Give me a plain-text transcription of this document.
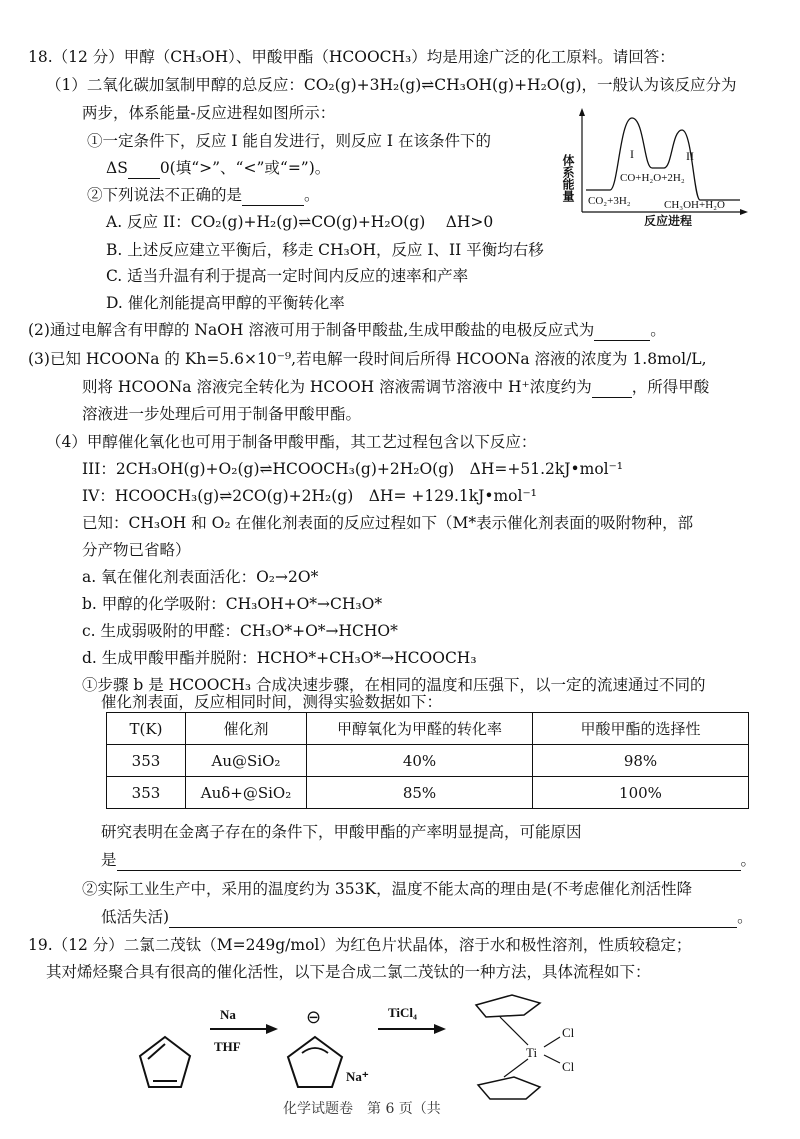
18.（12 分）甲醇（CH₃OH）、甲酸甲酯（HCOOCH₃）均是用途广泛的化工原料。请回答：
（1）二氧化碳加氢制甲醇的总反应：CO₂(g)+3H₂(g)⇌CH₃OH(g)+H₂O(g)，一般认为该反应分为
两步，体系能量-反应进程如图所示：
①一定条件下，反应 I 能自发进行，则反应 I 在该条件下的
ΔS 0(填“>”、“<”或“=”)。
②下列说法不正确的是	。
A. 反应 II：CO₂(g)+H₂(g)⇌CO(g)+H₂O(g)　 ΔH>0
B. 上述反应建立平衡后，移走 CH₃OH，反应 I、II 平衡均右移
C. 适当升温有利于提高一定时间内反应的速率和产率
D. 催化剂能提高甲醇的平衡转化率
体系能量	I	II
CO+H₂O+2H₂
CO₂+3H₂	CH₃OH+H₂O
反应进程
(2)通过电解含有甲醇的 NaOH 溶液可用于制备甲酸盐,生成甲酸盐的电极反应式为	。
(3)已知 HCOONa 的 Kh=5.6×10⁻⁹,若电解一段时间后所得 HCOONa 溶液的浓度为 1.8mol/L,
则将 HCOONa 溶液完全转化为 HCOOH 溶液需调节溶液中 H⁺浓度约为	，所得甲酸
溶液进一步处理后可用于制备甲酸甲酯。
（4）甲醇催化氧化也可用于制备甲酸甲酯，其工艺过程包含以下反应：
III：2CH₃OH(g)+O₂(g)⇌HCOOCH₃(g)+2H₂O(g)　ΔH=+51.2kJ•mol⁻¹
IV：HCOOCH₃(g)⇌2CO(g)+2H₂(g)　ΔH= +129.1kJ•mol⁻¹
已知：CH₃OH 和 O₂ 在催化剂表面的反应过程如下（M*表示催化剂表面的吸附物种，部
分产物已省略）
a. 氧在催化剂表面活化：O₂→2O*
b. 甲醇的化学吸附：CH₃OH+O*→CH₃O*
c. 生成弱吸附的甲醛：CH₃O*+O*→HCHO*
d. 生成甲酸甲酯并脱附：HCHO*+CH₃O*→HCOOCH₃
①步骤 b 是 HCOOCH₃ 合成决速步骤，在相同的温度和压强下，以一定的流速通过不同的
催化剂表面，反应相同时间，测得实验数据如下：
T(K)	催化剂	甲醇氧化为甲醛的转化率	甲酸甲酯的选择性
353	Au@SiO₂	40%	98%
353	Auδ+@SiO₂	85%	100%
研究表明在金离子存在的条件下，甲酸甲酯的产率明显提高，可能原因
是	。
②实际工业生产中，采用的温度约为 353K，温度不能太高的理由是(不考虑催化剂活性降
低活失活)	。
19.（12 分）二氯二茂钛（M=249g/mol）为红色片状晶体，溶于水和极性溶剂，性质较稳定；
其对烯烃聚合具有很高的催化活性，以下是合成二氯二茂钛的一种方法，具体流程如下：
Na
THF
⊖
Na⁺
TiCl₄
Ti
Cl
Cl
化学试题卷　第 6 页（共
